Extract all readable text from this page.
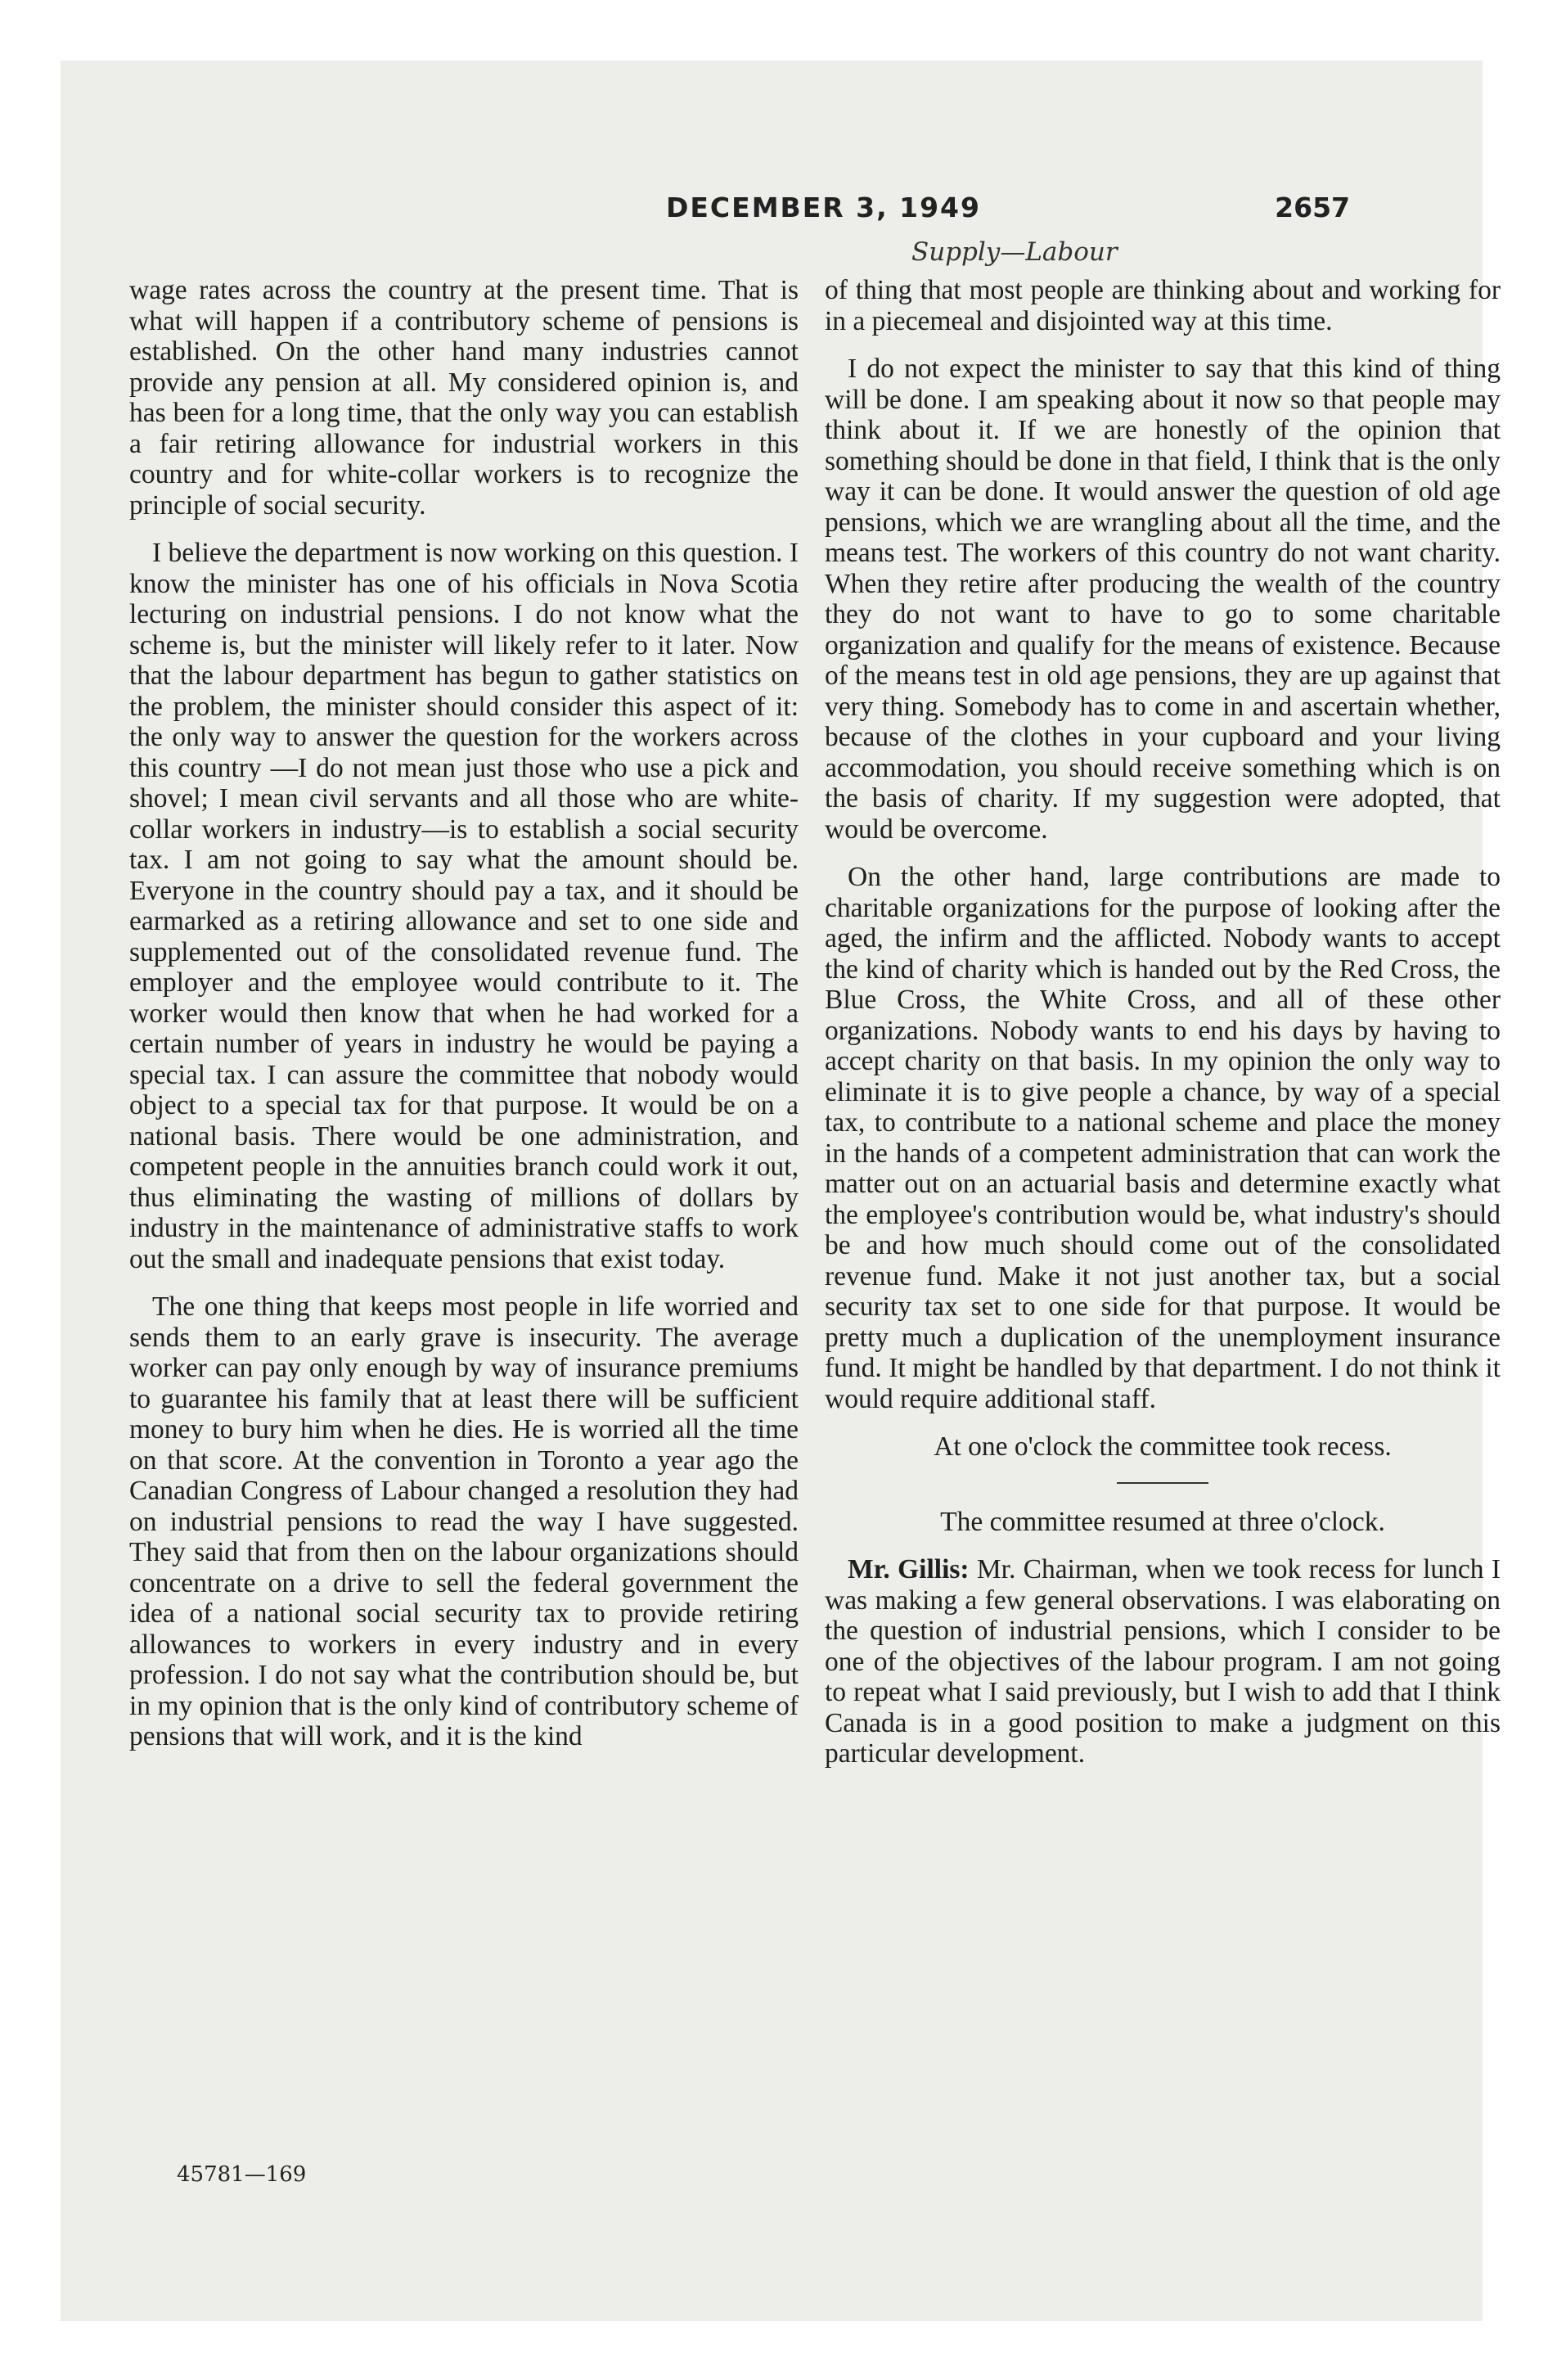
DECEMBER 3, 1949	2657
Supply—Labour

wage rates across the country at the present time. That is what will happen if a contributory scheme of pensions is established. On the other hand many industries cannot provide any pension at all. My considered opinion is, and has been for a long time, that the only way you can establish a fair retiring allowance for industrial workers in this country and for white-collar workers is to recognize the principle of social security.

I believe the department is now working on this question. I know the minister has one of his officials in Nova Scotia lecturing on industrial pensions. I do not know what the scheme is, but the minister will likely refer to it later. Now that the labour department has begun to gather statistics on the problem, the minister should consider this aspect of it: the only way to answer the question for the workers across this country —I do not mean just those who use a pick and shovel; I mean civil servants and all those who are white-collar workers in industry—is to establish a social security tax. I am not going to say what the amount should be. Everyone in the country should pay a tax, and it should be earmarked as a retiring allowance and set to one side and supplemented out of the consolidated revenue fund. The employer and the employee would contribute to it. The worker would then know that when he had worked for a certain number of years in industry he would be paying a special tax. I can assure the committee that nobody would object to a special tax for that purpose. It would be on a national basis. There would be one administration, and competent people in the annuities branch could work it out, thus eliminating the wasting of millions of dollars by industry in the maintenance of administrative staffs to work out the small and inadequate pensions that exist today.

The one thing that keeps most people in life worried and sends them to an early grave is insecurity. The average worker can pay only enough by way of insurance premiums to guarantee his family that at least there will be sufficient money to bury him when he dies. He is worried all the time on that score. At the convention in Toronto a year ago the Canadian Congress of Labour changed a resolution they had on industrial pensions to read the way I have suggested. They said that from then on the labour organizations should concentrate on a drive to sell the federal government the idea of a national social security tax to provide retiring allowances to workers in every industry and in every profession. I do not say what the contribution should be, but in my opinion that is the only kind of contributory scheme of pensions that will work, and it is the kind

of thing that most people are thinking about and working for in a piecemeal and disjointed way at this time.

I do not expect the minister to say that this kind of thing will be done. I am speaking about it now so that people may think about it. If we are honestly of the opinion that something should be done in that field, I think that is the only way it can be done. It would answer the question of old age pensions, which we are wrangling about all the time, and the means test. The workers of this country do not want charity. When they retire after producing the wealth of the country they do not want to have to go to some charitable organization and qualify for the means of existence. Because of the means test in old age pensions, they are up against that very thing. Somebody has to come in and ascertain whether, because of the clothes in your cupboard and your living accommodation, you should receive something which is on the basis of charity. If my suggestion were adopted, that would be overcome.

On the other hand, large contributions are made to charitable organizations for the purpose of looking after the aged, the infirm and the afflicted. Nobody wants to accept the kind of charity which is handed out by the Red Cross, the Blue Cross, the White Cross, and all of these other organizations. Nobody wants to end his days by having to accept charity on that basis. In my opinion the only way to eliminate it is to give people a chance, by way of a special tax, to contribute to a national scheme and place the money in the hands of a competent administration that can work the matter out on an actuarial basis and determine exactly what the employee's contribution would be, what industry's should be and how much should come out of the consolidated revenue fund. Make it not just another tax, but a social security tax set to one side for that purpose. It would be pretty much a duplication of the unemployment insurance fund. It might be handled by that department. I do not think it would require additional staff.

At one o'clock the committee took recess.

The committee resumed at three o'clock.

Mr. Gillis: Mr. Chairman, when we took recess for lunch I was making a few general observations. I was elaborating on the question of industrial pensions, which I consider to be one of the objectives of the labour program. I am not going to repeat what I said previously, but I wish to add that I think Canada is in a good position to make a judgment on this particular development.

45781—169
